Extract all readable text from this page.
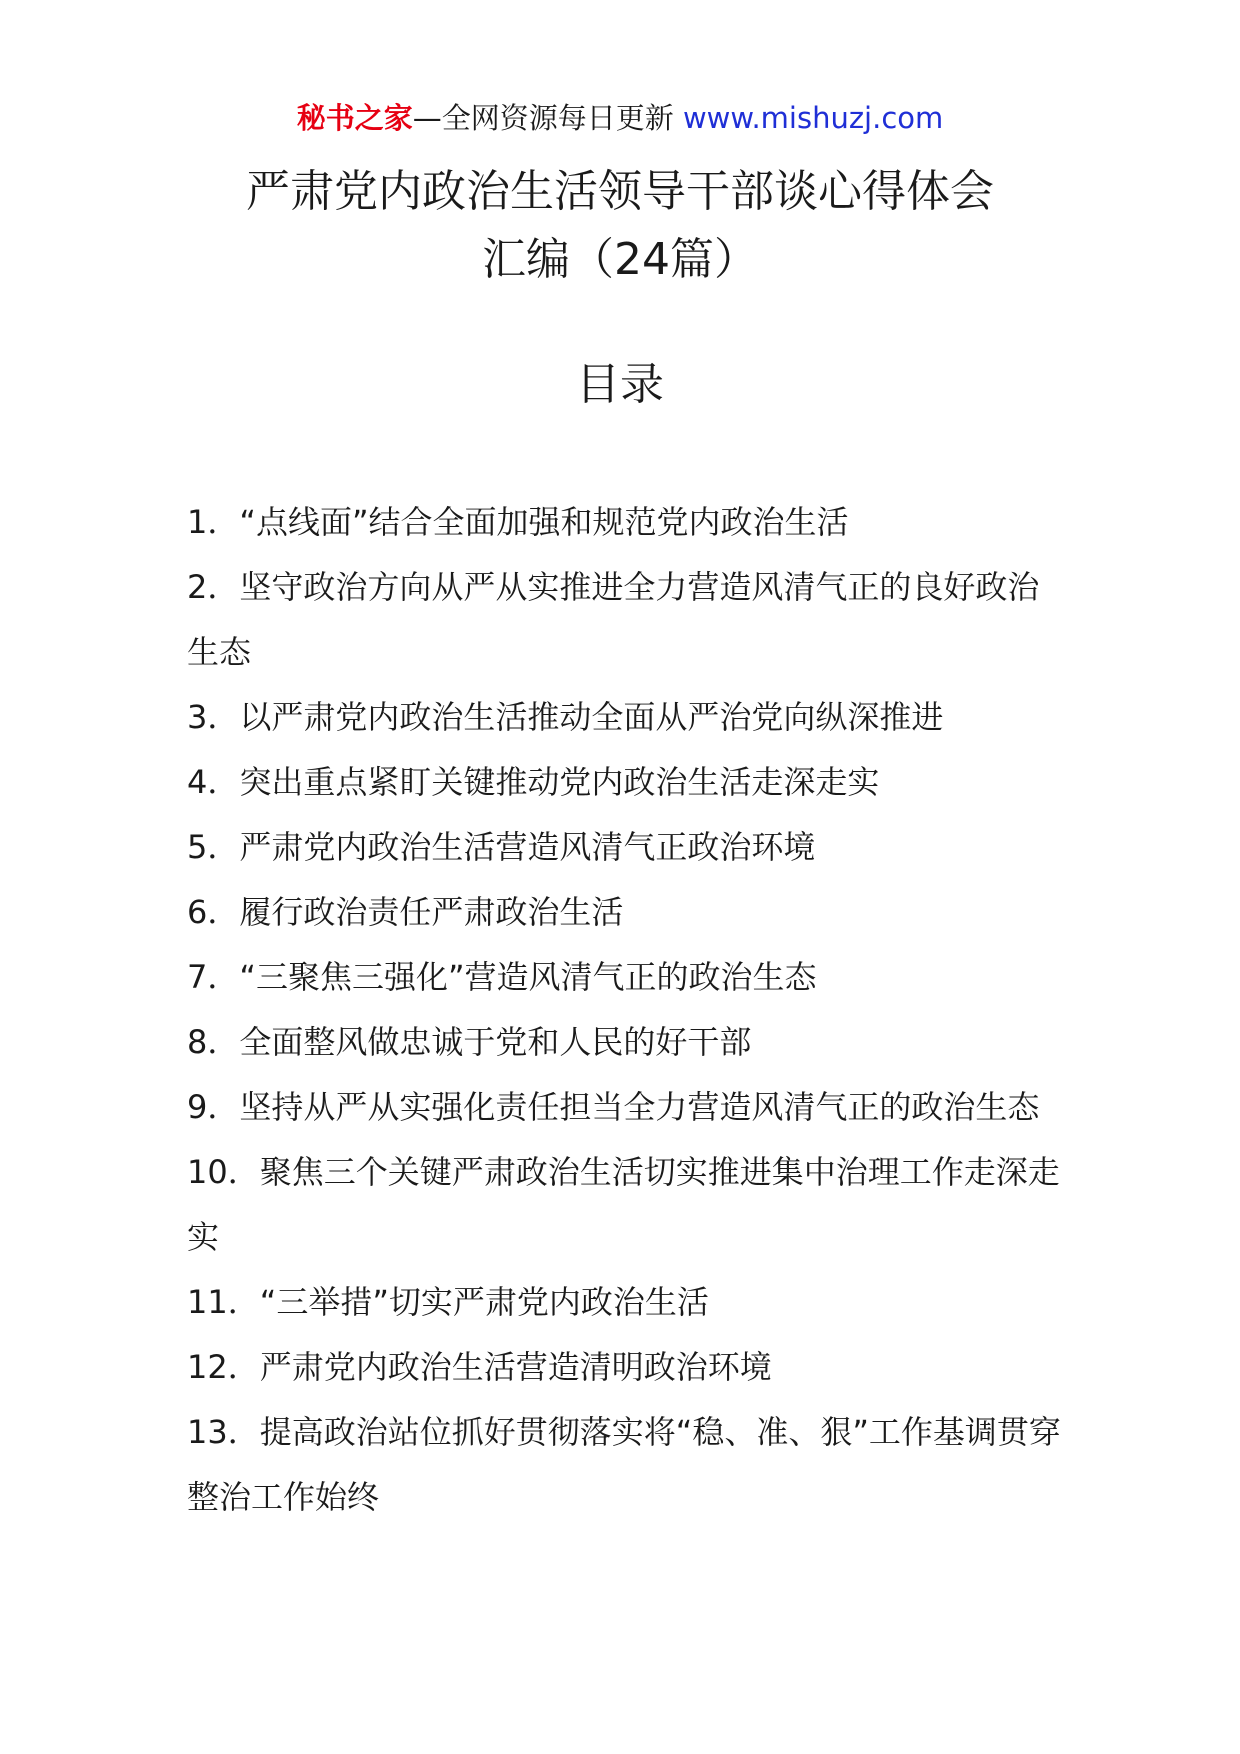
秘书之家—全网资源每日更新 www.mishuzj.com
严肃党内政治生活领导干部谈心得体会
汇编（24篇）
目录
1．“点线面”结合全面加强和规范党内政治生活
2．坚守政治方向从严从实推进全力营造风清气正的良好政治生态
3．以严肃党内政治生活推动全面从严治党向纵深推进
4．突出重点紧盯关键推动党内政治生活走深走实
5．严肃党内政治生活营造风清气正政治环境
6．履行政治责任严肃政治生活
7．“三聚焦三强化”营造风清气正的政治生态
8．全面整风做忠诚于党和人民的好干部
9．坚持从严从实强化责任担当全力营造风清气正的政治生态
10．聚焦三个关键严肃政治生活切实推进集中治理工作走深走实
11．“三举措”切实严肃党内政治生活
12．严肃党内政治生活营造清明政治环境
13．提高政治站位抓好贯彻落实将“稳、准、狠”工作基调贯穿整治工作始终
